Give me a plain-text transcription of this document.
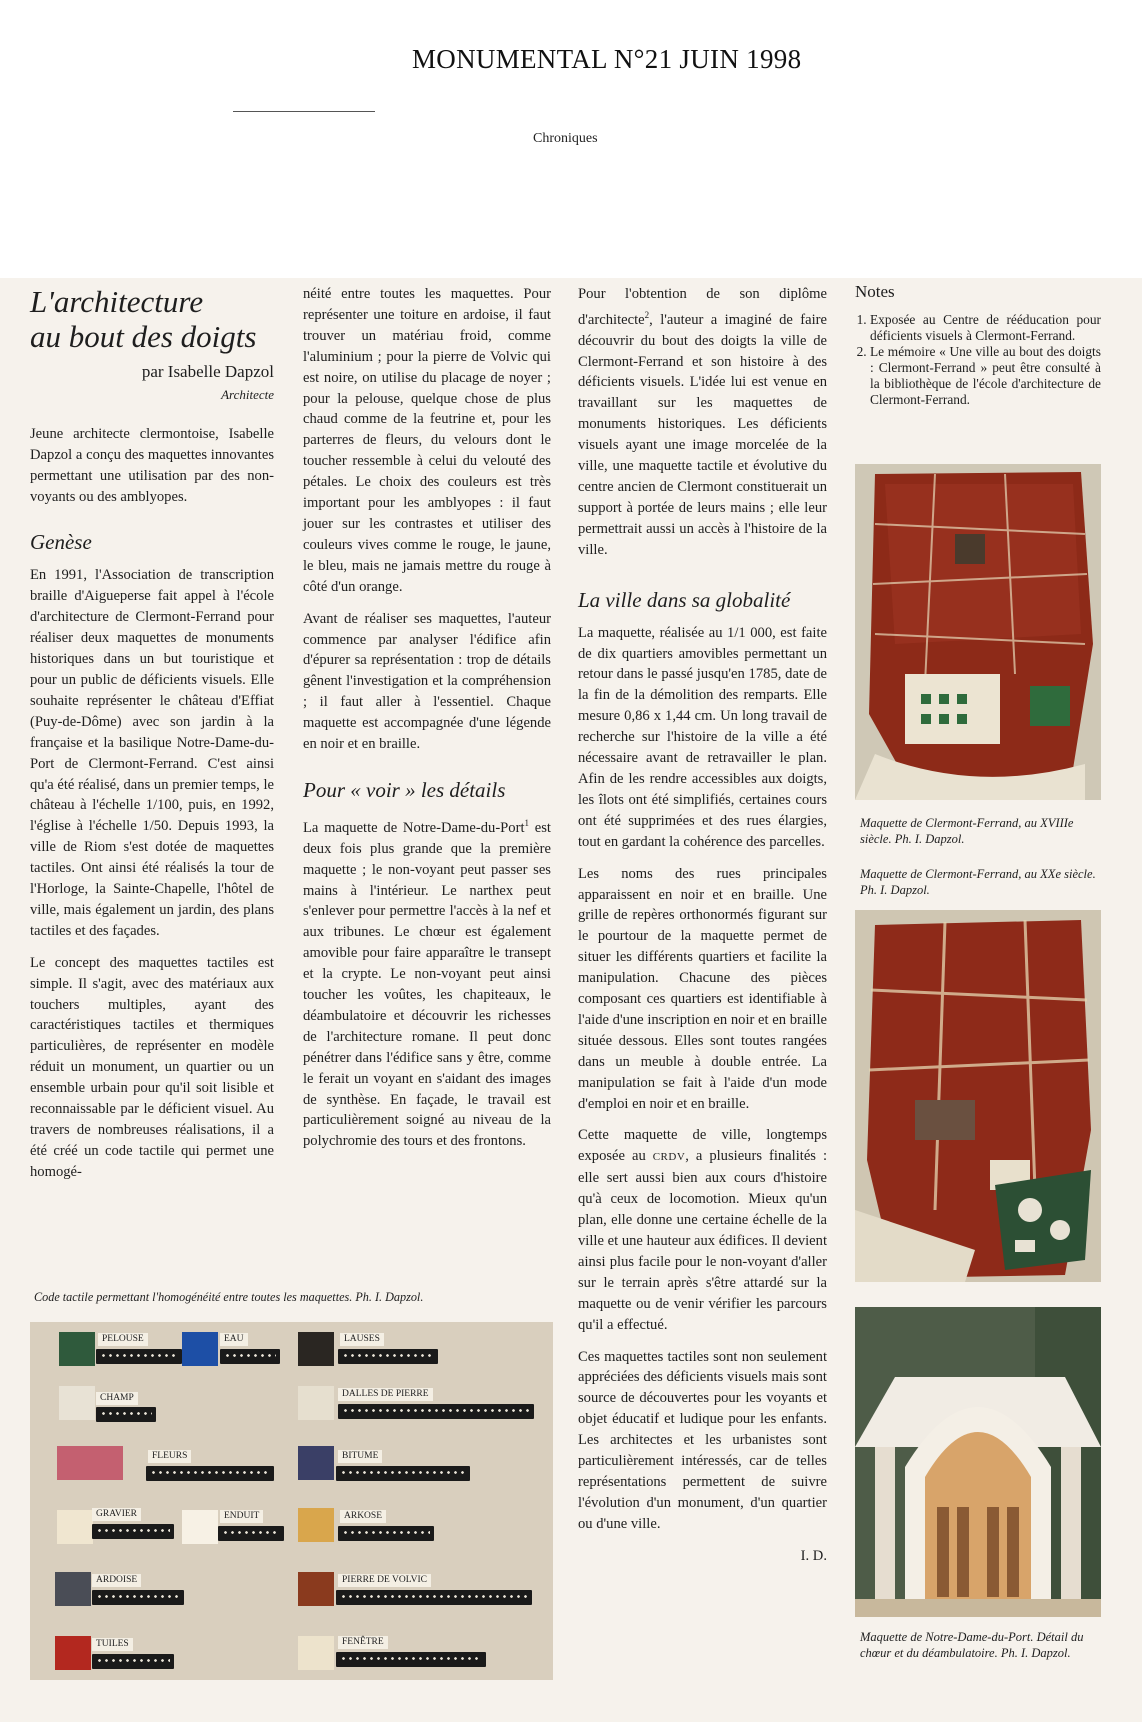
MONUMENTAL N°21 JUIN 1998
Chroniques
L'architecture
au bout des doigts
par Isabelle Dapzol
Architecte

Jeune architecte clermontoise, Isabelle Dapzol a conçu des maquettes innovantes permettant une utilisation par des non-voyants ou des amblyopes.

Genèse

En 1991, l'Association de transcription braille d'Aigueperse fait appel à l'école d'architecture de Clermont-Ferrand pour réaliser deux maquettes de monuments historiques dans un but touristique et pour un public de déficients visuels. Elle souhaite représenter le château d'Effiat (Puy-de-Dôme) avec son jardin à la française et la basilique Notre-Dame-du-Port de Clermont-Ferrand. C'est ainsi qu'a été réalisé, dans un premier temps, le château à l'échelle 1/100, puis, en 1992, l'église à l'échelle 1/50. Depuis 1993, la ville de Riom s'est dotée de maquettes tactiles. Ont ainsi été réalisés la tour de l'Horloge, la Sainte-Chapelle, l'hôtel de ville, mais également un jardin, des plans tactiles et des façades.

Le concept des maquettes tactiles est simple. Il s'agit, avec des matériaux aux touchers multiples, ayant des caractéristiques tactiles et thermiques particulières, de représenter en modèle réduit un monument, un quartier ou un ensemble urbain pour qu'il soit lisible et reconnaissable par le déficient visuel. Au travers de nombreuses réalisations, il a été créé un code tactile qui permet une homogé-

néité entre toutes les maquettes. Pour représenter une toiture en ardoise, il faut trouver un matériau froid, comme l'aluminium ; pour la pierre de Volvic qui est noire, on utilise du placage de noyer ; pour la pelouse, quelque chose de plus chaud comme de la feutrine et, pour les parterres de fleurs, du velours dont le toucher ressemble à celui du velouté des pétales. Le choix des couleurs est très important pour les amblyopes : il faut jouer sur les contrastes et utiliser des couleurs vives comme le rouge, le jaune, le bleu, mais ne jamais mettre du rouge à côté d'un orange.

Avant de réaliser ses maquettes, l'auteur commence par analyser l'édifice afin d'épurer sa représentation : trop de détails gênent l'investigation et la compréhension ; il faut aller à l'essentiel. Chaque maquette est accompagnée d'une légende en noir et en braille.

Pour « voir » les détails

La maquette de Notre-Dame-du-Port$^1$ est deux fois plus grande que la première maquette ; le non-voyant peut passer ses mains à l'intérieur. Le narthex peut s'enlever pour permettre l'accès à la nef et aux tribunes. Le chœur est également amovible pour faire apparaître le transept et la crypte. Le non-voyant peut ainsi toucher les voûtes, les chapiteaux, le déambulatoire et découvrir les richesses de l'architecture romane. Il peut donc pénétrer dans l'édifice sans y être, comme le ferait un voyant en s'aidant des images de synthèse. En façade, le travail est particulièrement soigné au niveau de la polychromie des tours et des frontons.

Pour l'obtention de son diplôme d'architecte$^2$, l'auteur a imaginé de faire découvrir du bout des doigts la ville de Clermont-Ferrand et son histoire à des déficients visuels. L'idée lui est venue en travaillant sur les maquettes de monuments historiques. Les déficients visuels ayant une image morcelée de la ville, une maquette tactile et évolutive du centre ancien de Clermont constituerait un support à portée de leurs mains ; elle leur permettrait aussi un accès à l'histoire de la ville.

La ville dans sa globalité

La maquette, réalisée au 1/1 000, est faite de dix quartiers amovibles permettant un retour dans le passé jusqu'en 1785, date de la fin de la démolition des remparts. Elle mesure 0,86 x 1,44 cm. Un long travail de recherche sur l'histoire de la ville a été nécessaire avant de retravailler le plan. Afin de les rendre accessibles aux doigts, les îlots ont été simplifiés, certaines cours ont été supprimées et des rues élargies, tout en gardant la cohérence des parcelles.

Les noms des rues principales apparaissent en noir et en braille. Une grille de repères orthonormés figurant sur le pourtour de la maquette permet de situer les différents quartiers et facilite la manipulation. Chacune des pièces composant ces quartiers est identifiable à l'aide d'une inscription en noir et en braille située dessous. Elles sont toutes rangées dans un meuble à double entrée. La manipulation se fait à l'aide d'un mode d'emploi en noir et en braille.

Cette maquette de ville, longtemps exposée au CRDV, a plusieurs finalités : elle sert aussi bien aux cours d'histoire qu'à ceux de locomotion. Mieux qu'un plan, elle donne une certaine échelle de la ville et une hauteur aux édifices. Il devient ainsi plus facile pour le non-voyant d'aller sur le terrain après s'être attardé sur la maquette ou de venir vérifier les parcours qu'il a effectué.

Ces maquettes tactiles sont non seulement appréciées des déficients visuels mais sont source de découvertes pour les voyants et objet éducatif et ludique pour les enfants. Les architectes et les urbanistes sont particulièrement intéressés, car de telles représentations permettent de suivre l'évolution d'un monument, d'un quartier ou d'une ville.

I. D.
Notes
1. Exposée au Centre de rééducation pour déficients visuels à Clermont-Ferrand.
2. Le mémoire « Une ville au bout des doigts : Clermont-Ferrand » peut être consulté à la bibliothèque de l'école d'architecture de Clermont-Ferrand.
Maquette de Clermont-Ferrand, au XVIIIe siècle. Ph. I. Dapzol.
Maquette de Clermont-Ferrand, au XXe siècle. Ph. I. Dapzol.
Maquette de Notre-Dame-du-Port. Détail du chœur et du déambulatoire. Ph. I. Dapzol.
Code tactile permettant l'homogénéité entre toutes les maquettes. Ph. I. Dapzol.
PELOUSE	EAU	LAUSES
CHAMP	DALLES DE PIERRE
FLEURS	BITUME
GRAVIER	ENDUIT	ARKOSE
ARDOISE	PIERRE DE VOLVIC
TUILES	FENÊTRE
